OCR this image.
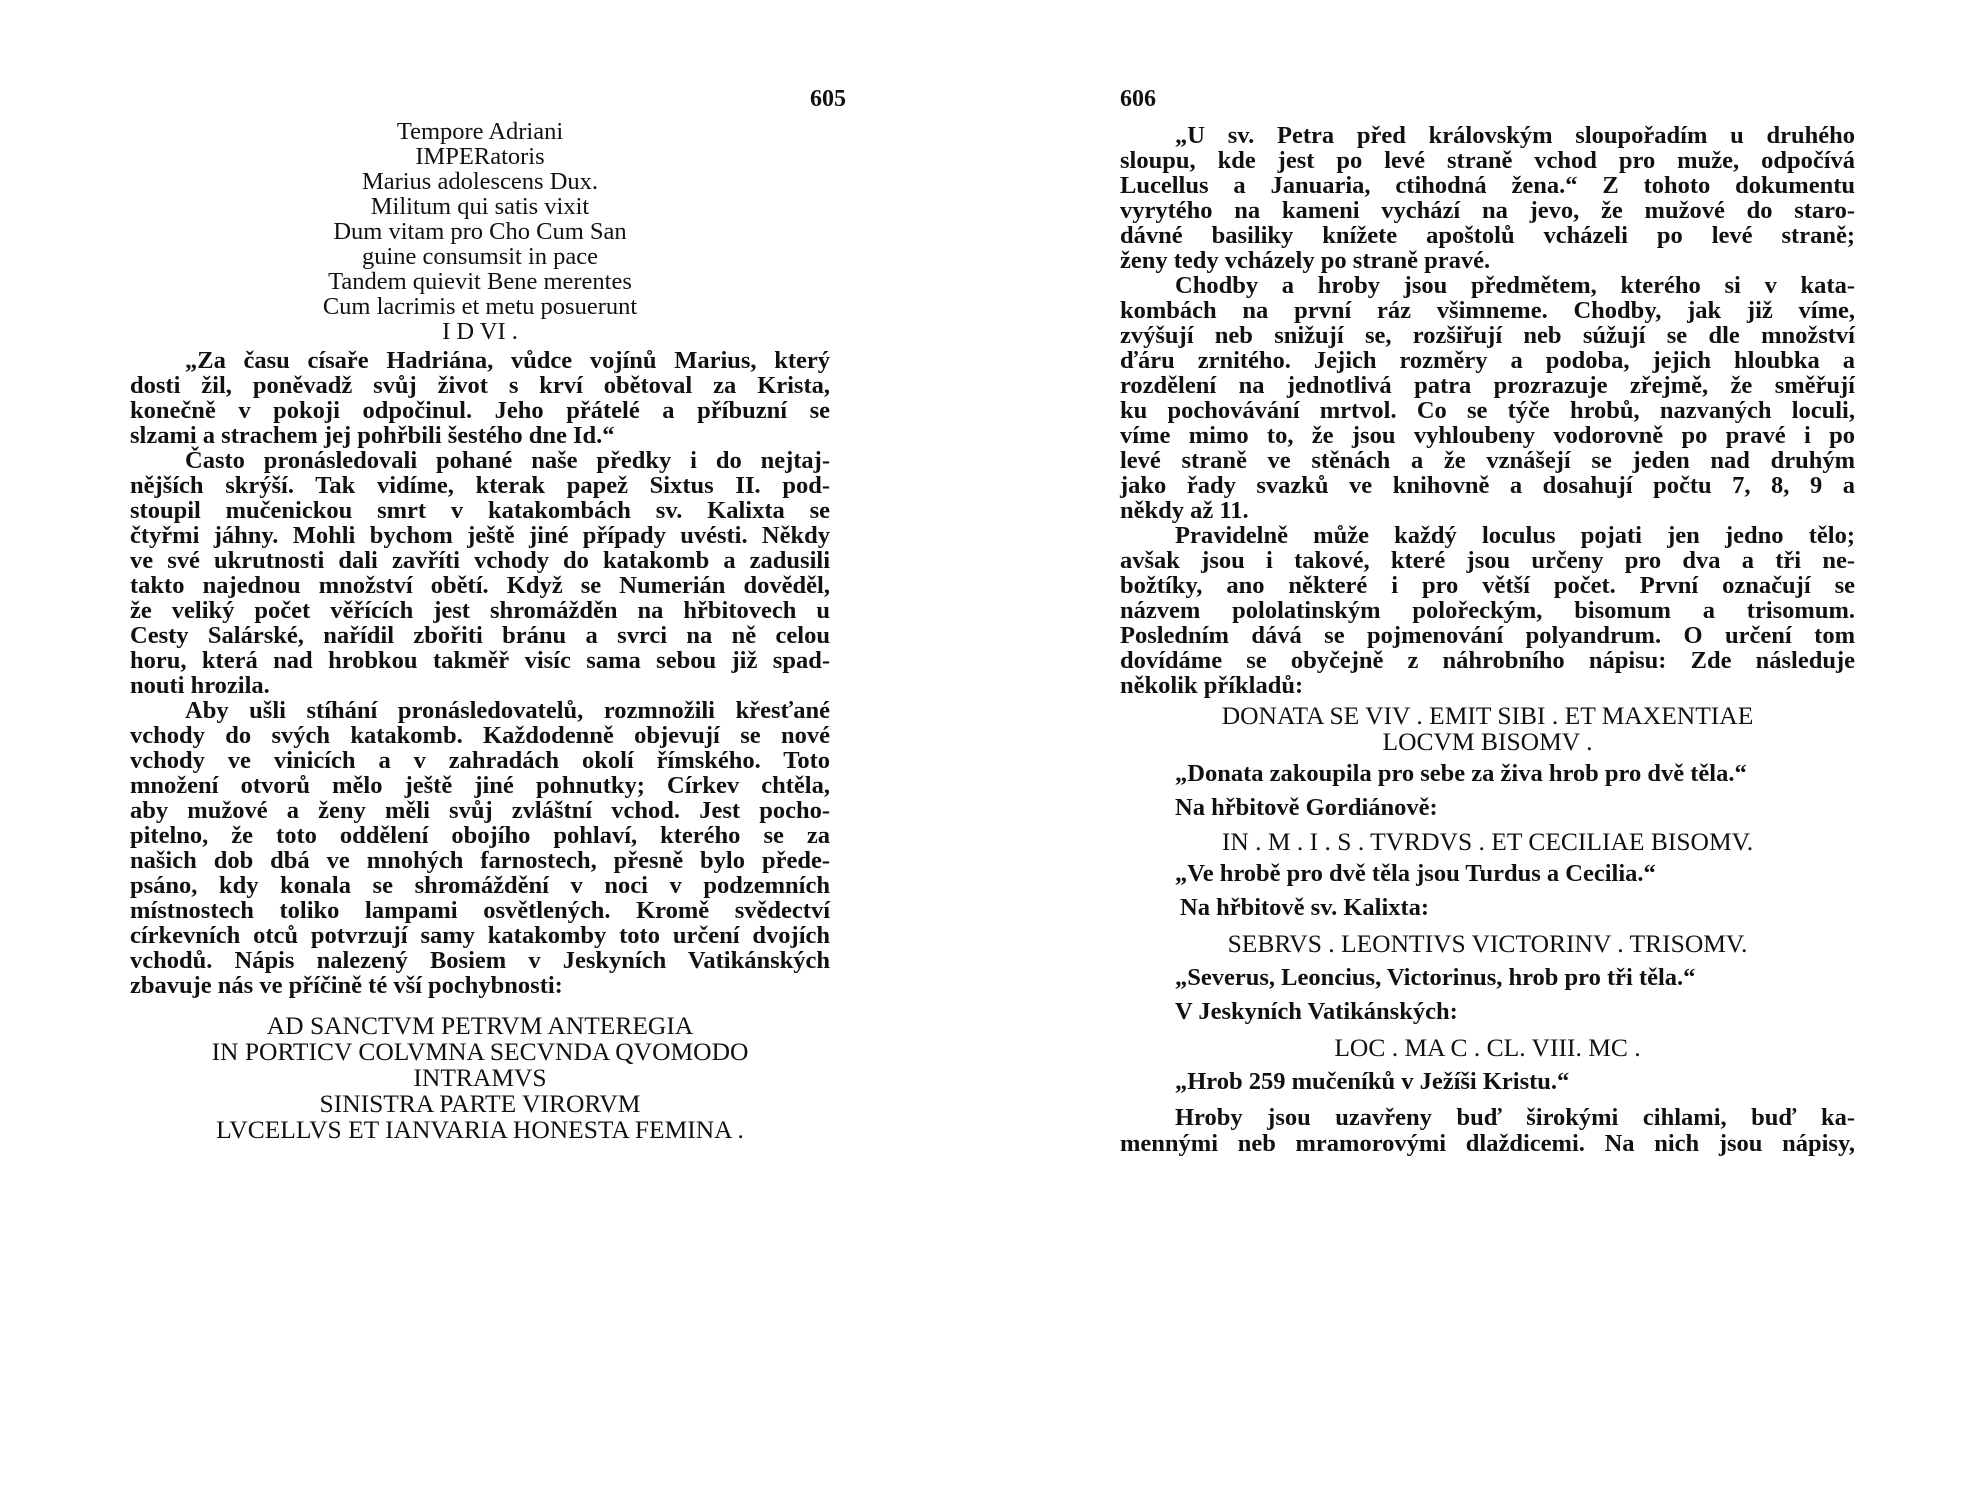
605
Tempore Adriani
IMPERatoris
Marius adolescens Dux.
Militum qui satis vixit
Dum vitam pro Cho Cum San
guine consumsit in pace
Tandem quievit Bene merentes
Cum lacrimis et metu posuerunt
I D VI .
„Za času císaře Hadriána, vůdce vojínů Marius, který
dosti žil, poněvadž svůj život s krví obětoval za Krista,
konečně v pokoji odpočinul. Jeho přátelé a příbuzní se
slzami a strachem jej pohřbili šestého dne Id.“
Často pronásledovali pohané naše předky i do nejtaj-
nějších skrýší. Tak vidíme, kterak papež Sixtus II. pod-
stoupil mučenickou smrt v katakombách sv. Kalixta se
čtyřmi jáhny. Mohli bychom ještě jiné případy uvésti. Někdy
ve své ukrutnosti dali zavříti vchody do katakomb a zadusili
takto najednou množství obětí. Když se Numerián dověděl,
že veliký počet věřících jest shromážděn na hřbitovech u
Cesty Salárské, nařídil zbořiti bránu a svrci na ně celou
horu, která nad hrobkou takměř visíc sama sebou již spad-
nouti hrozila.
Aby ušli stíhání pronásledovatelů, rozmnožili křesťané
vchody do svých katakomb. Každodenně objevují se nové
vchody ve vinicích a v zahradách okolí římského. Toto
množení otvorů mělo ještě jiné pohnutky; Církev chtěla,
aby mužové a ženy měli svůj zvláštní vchod. Jest pocho-
pitelno, že toto oddělení obojího pohlaví, kterého se za
našich dob dbá ve mnohých farnostech, přesně bylo přede-
psáno, kdy konala se shromáždění v noci v podzemních
místnostech toliko lampami osvětlených. Kromě svědectví
církevních otců potvrzují samy katakomby toto určení dvojích
vchodů. Nápis nalezený Bosiem v Jeskyních Vatikánských
zbavuje nás ve příčině té vší pochybnosti:
AD SANCTVM PETRVM ANTEREGIA
IN PORTICV COLVMNA SECVNDA QVOMODO
INTRAMVS
SINISTRA PARTE VIRORVM
LVCELLVS ET IANVARIA HONESTA FEMINA .
606
„U sv. Petra před královským sloupořadím u druhého
sloupu, kde jest po levé straně vchod pro muže, odpočívá
Lucellus a Januaria, ctihodná žena.“ Z tohoto dokumentu
vyrytého na kameni vychází na jevo, že mužové do staro-
dávné basiliky knížete apoštolů vcházeli po levé straně;
ženy tedy vcházely po straně pravé.
Chodby a hroby jsou předmětem, kterého si v kata-
kombách na první ráz všimneme. Chodby, jak již víme,
zvýšují neb snižují se, rozšiřují neb súžují se dle množství
ďáru zrnitého. Jejich rozměry a podoba, jejich hloubka a
rozdělení na jednotlivá patra prozrazuje zřejmě, že směřují
ku pochovávání mrtvol. Co se týče hrobů, nazvaných loculi,
víme mimo to, že jsou vyhloubeny vodorovně po pravé i po
levé straně ve stěnách a že vznášejí se jeden nad druhým
jako řady svazků ve knihovně a dosahují počtu 7, 8, 9 a
někdy až 11.
Pravidelně může každý loculus pojati jen jedno tělo;
avšak jsou i takové, které jsou určeny pro dva a tři ne-
božtíky, ano některé i pro větší počet. První označují se
názvem pololatinským polořeckým, bisomum a trisomum.
Posledním dává se pojmenování polyandrum. O určení tom
dovídáme se obyčejně z náhrobního nápisu: Zde následuje
několik příkladů:
DONATA SE VIV . EMIT SIBI . ET MAXENTIAE
LOCVM BISOMV .
„Donata zakoupila pro sebe za živa hrob pro dvě těla.“
Na hřbitově Gordiánově:
IN . M . I . S . TVRDVS . ET CECILIAE BISOMV.
„Ve hrobě pro dvě těla jsou Turdus a Cecilia.“
Na hřbitově sv. Kalixta:
SEBRVS . LEONTIVS VICTORINV . TRISOMV.
„Severus, Leoncius, Victorinus, hrob pro tři těla.“
V Jeskyních Vatikánských:
LOC . MA C . CL. VIII. MC .
„Hrob 259 mučeníků v Ježíši Kristu.“
Hroby jsou uzavřeny buď širokými cihlami, buď ka-
mennými neb mramorovými dlaždicemi. Na nich jsou nápisy,
